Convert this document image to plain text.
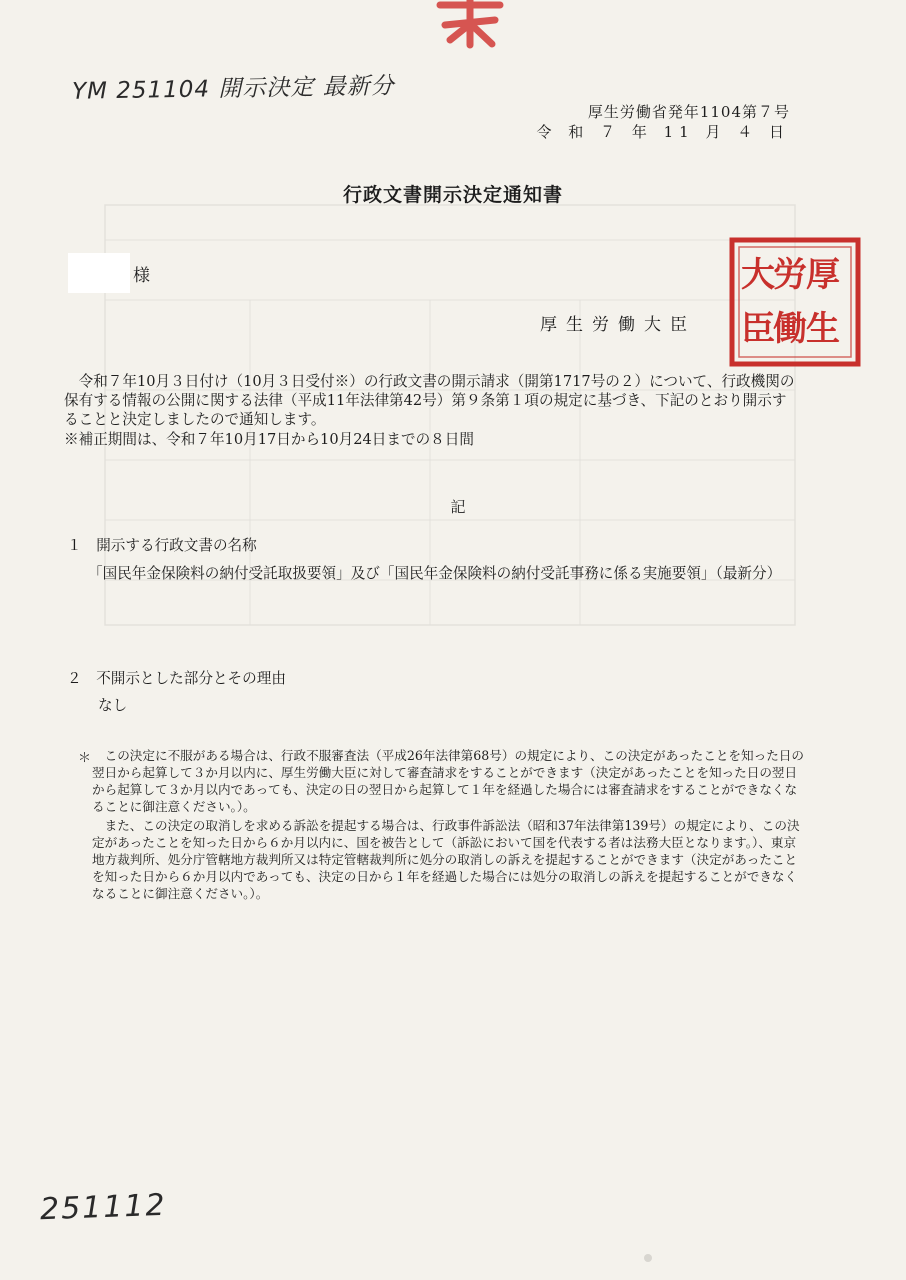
YM 251104 開示決定 最新分
厚生労働省発年1104第７号
令 和 ７ 年 11 月 ４ 日
行政文書開示決定通知書
様
厚生労働大臣
厚
生
労
働
大
臣

令和７年10月３日付け（10月３日受付※）の行政文書の開示請求（開第1717号の２）について、行政機関の保有する情報の公開に関する法律（平成11年法律第42号）第９条第１項の規定に基づき、下記のとおり開示することと決定しましたので通知します。

※補正期間は、令和７年10月17日から10月24日までの８日間
記
１　開示する行政文書の名称
「国民年金保険料の納付受託取扱要領」及び「国民年金保険料の納付受託事務に係る実施要領」（最新分）
２　不開示とした部分とその理由
なし
＊	この決定に不服がある場合は、行政不服審査法（平成26年法律第68号）の規定により、この決定があったことを知った日の翌日から起算して３か月以内に、厚生労働大臣に対して審査請求をすることができます（決定があったことを知った日の翌日から起算して３か月以内であっても、決定の日の翌日から起算して１年を経過した場合には審査請求をすることができなくなることに御注意ください。）。

また、この決定の取消しを求める訴訟を提起する場合は、行政事件訴訟法（昭和37年法律第139号）の規定により、この決定があったことを知った日から６か月以内に、国を被告として（訴訟において国を代表する者は法務大臣となります。）、東京地方裁判所、処分庁管轄地方裁判所又は特定管轄裁判所に処分の取消しの訴えを提起することができます（決定があったことを知った日から６か月以内であっても、決定の日から１年を経過した場合には処分の取消しの訴えを提起することができなくなることに御注意ください。）。

251112
